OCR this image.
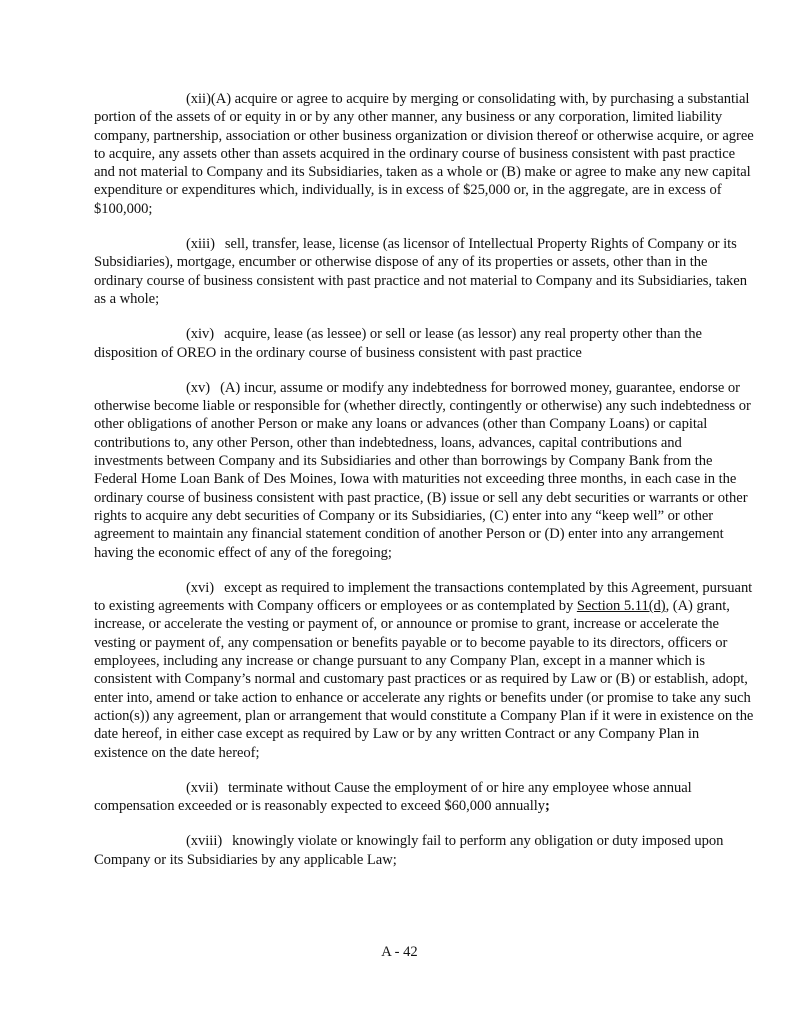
(xii)(A) acquire or agree to acquire by merging or consolidating with, by purchasing a substantial portion of the assets of or equity in or by any other manner, any business or any corporation, limited liability company, partnership, association or other business organization or division thereof or otherwise acquire, or agree to acquire, any assets other than assets acquired in the ordinary course of business consistent with past practice and not material to Company and its Subsidiaries, taken as a whole or (B) make or agree to make any new capital expenditure or expenditures which, individually, is in excess of $25,000 or, in the aggregate, are in excess of $100,000;

(xiii) sell, transfer, lease, license (as licensor of Intellectual Property Rights of Company or its Subsidiaries), mortgage, encumber or otherwise dispose of any of its properties or assets, other than in the ordinary course of business consistent with past practice and not material to Company and its Subsidiaries, taken as a whole;

(xiv) acquire, lease (as lessee) or sell or lease (as lessor) any real property other than the disposition of OREO in the ordinary course of business consistent with past practice

(xv) (A) incur, assume or modify any indebtedness for borrowed money, guarantee, endorse or otherwise become liable or responsible for (whether directly, contingently or otherwise) any such indebtedness or other obligations of another Person or make any loans or advances (other than Company Loans) or capital contributions to, any other Person, other than indebtedness, loans, advances, capital contributions and investments between Company and its Subsidiaries and other than borrowings by Company Bank from the Federal Home Loan Bank of Des Moines, Iowa with maturities not exceeding three months, in each case in the ordinary course of business consistent with past practice, (B) issue or sell any debt securities or warrants or other rights to acquire any debt securities of Company or its Subsidiaries, (C) enter into any “keep well” or other agreement to maintain any financial statement condition of another Person or (D) enter into any arrangement having the economic effect of any of the foregoing;

(xvi) except as required to implement the transactions contemplated by this Agreement, pursuant to existing agreements with Company officers or employees or as contemplated by Section 5.11(d), (A) grant, increase, or accelerate the vesting or payment of, or announce or promise to grant, increase or accelerate the vesting or payment of, any compensation or benefits payable or to become payable to its directors, officers or employees, including any increase or change pursuant to any Company Plan, except in a manner which is consistent with Company’s normal and customary past practices or as required by Law or (B) or establish, adopt, enter into, amend or take action to enhance or accelerate any rights or benefits under (or promise to take any such action(s)) any agreement, plan or arrangement that would constitute a Company Plan if it were in existence on the date hereof, in either case except as required by Law or by any written Contract or any Company Plan in existence on the date hereof;

(xvii) terminate without Cause the employment of or hire any employee whose annual compensation exceeded or is reasonably expected to exceed $60,000 annually;

(xviii) knowingly violate or knowingly fail to perform any obligation or duty imposed upon Company or its Subsidiaries by any applicable Law;

A - 42
